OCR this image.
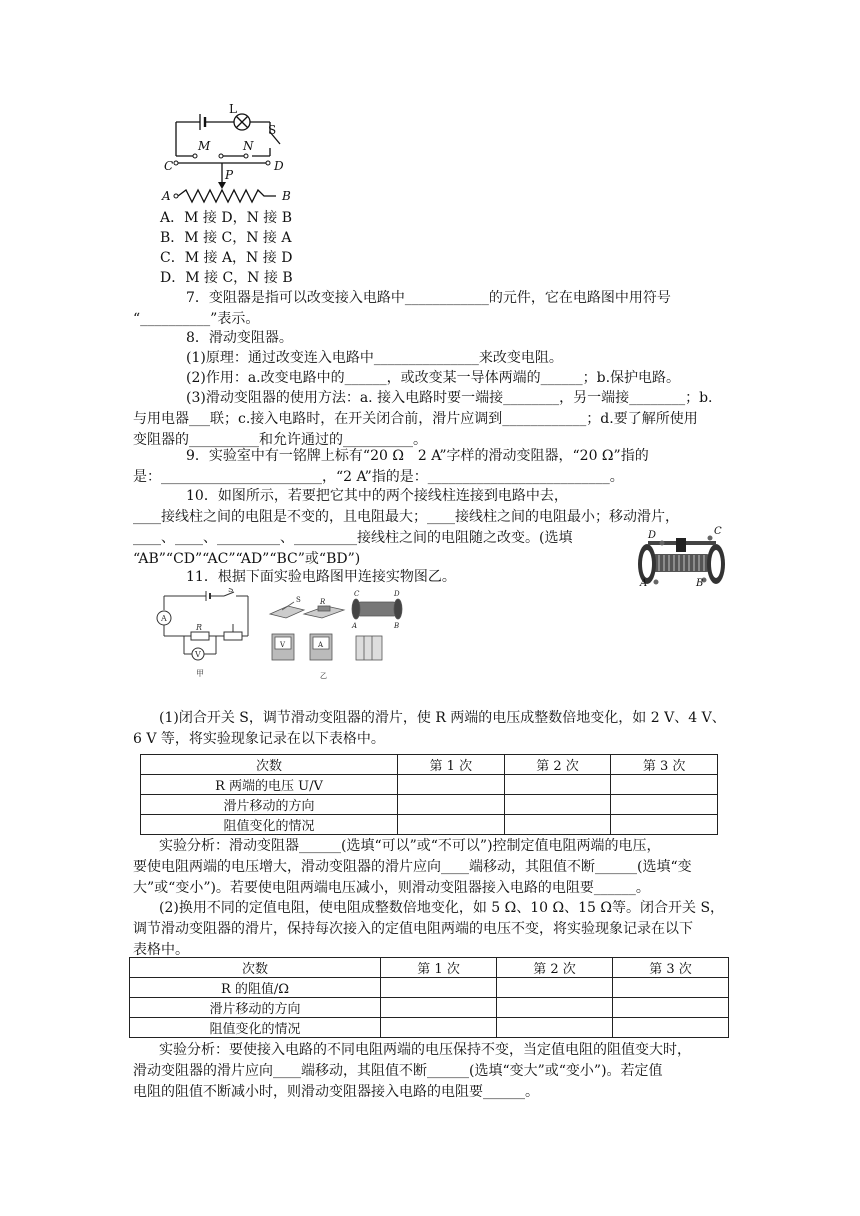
L
S
M	N
C	D
P
A	B
A．M 接 D，N 接 B
B．M 接 C，N 接 A
C．M 接 A，N 接 D
D．M 接 C，N 接 B
7．变阻器是指可以改变接入电路中____________的元件，它在电路图中用符号
“__________”表示。
8．滑动变阻器。
(1)原理：通过改变连入电路中_______________来改变电阻。
(2)作用：a.改变电路中的______，或改变某一导体两端的______；b.保护电路。
(3)滑动变阻器的使用方法：a. 接入电路时要一端接________，另一端接________；b.
与用电器___联；c.接入电路时，在开关闭合前，滑片应调到____________；d.要了解所使用
变阻器的__________和允许通过的__________。
9．实验室中有一铭牌上标有“20 Ω　2 A”字样的滑动变阻器，“20 Ω”指的
是：_______________________，“2 A”指的是：__________________________。
10．如图所示，若要把它其中的两个接线柱连接到电路中去，
____接线柱之间的电阻是不变的，且电阻最大；____接线柱之间的电阻最小；移动滑片，
____、____、_________、_________接线柱之间的电阻随之改变。(选填
“AB”“CD”“AC”“AD”“BC”或“BD”)
D	C
A	B
11．根据下面实验电路图甲连接实物图乙。
A
V
R
S
甲
V	A
S	R
C	D
A	B
乙
(1)闭合开关 S，调节滑动变阻器的滑片，使 R 两端的电压成整数倍地变化，如 2 V、4 V、
6 V 等，将实验现象记录在以下表格中。
次数	第 1 次	第 2 次	第 3 次
R 两端的电压 U/V			
滑片移动的方向			
阻值变化的情况			
实验分析：滑动变阻器______(选填“可以”或“不可以”)控制定值电阻两端的电压，
要使电阻两端的电压增大，滑动变阻器的滑片应向____端移动，其阻值不断______(选填“变
大”或“变小”)。若要使电阻两端电压减小，则滑动变阻器接入电路的电阻要______。
(2)换用不同的定值电阻，使电阻成整数倍地变化，如 5 Ω、10 Ω、15 Ω等。闭合开关 S，
调节滑动变阻器的滑片，保持每次接入的定值电阻两端的电压不变，将实验现象记录在以下
表格中。
次数	第 1 次	第 2 次	第 3 次
R 的阻值/Ω			
滑片移动的方向			
阻值变化的情况			
实验分析：要使接入电路的不同电阻两端的电压保持不变，当定值电阻的阻值变大时，
滑动变阻器的滑片应向____端移动，其阻值不断______(选填“变大”或“变小”)。若定值
电阻的阻值不断减小时，则滑动变阻器接入电路的电阻要______。
